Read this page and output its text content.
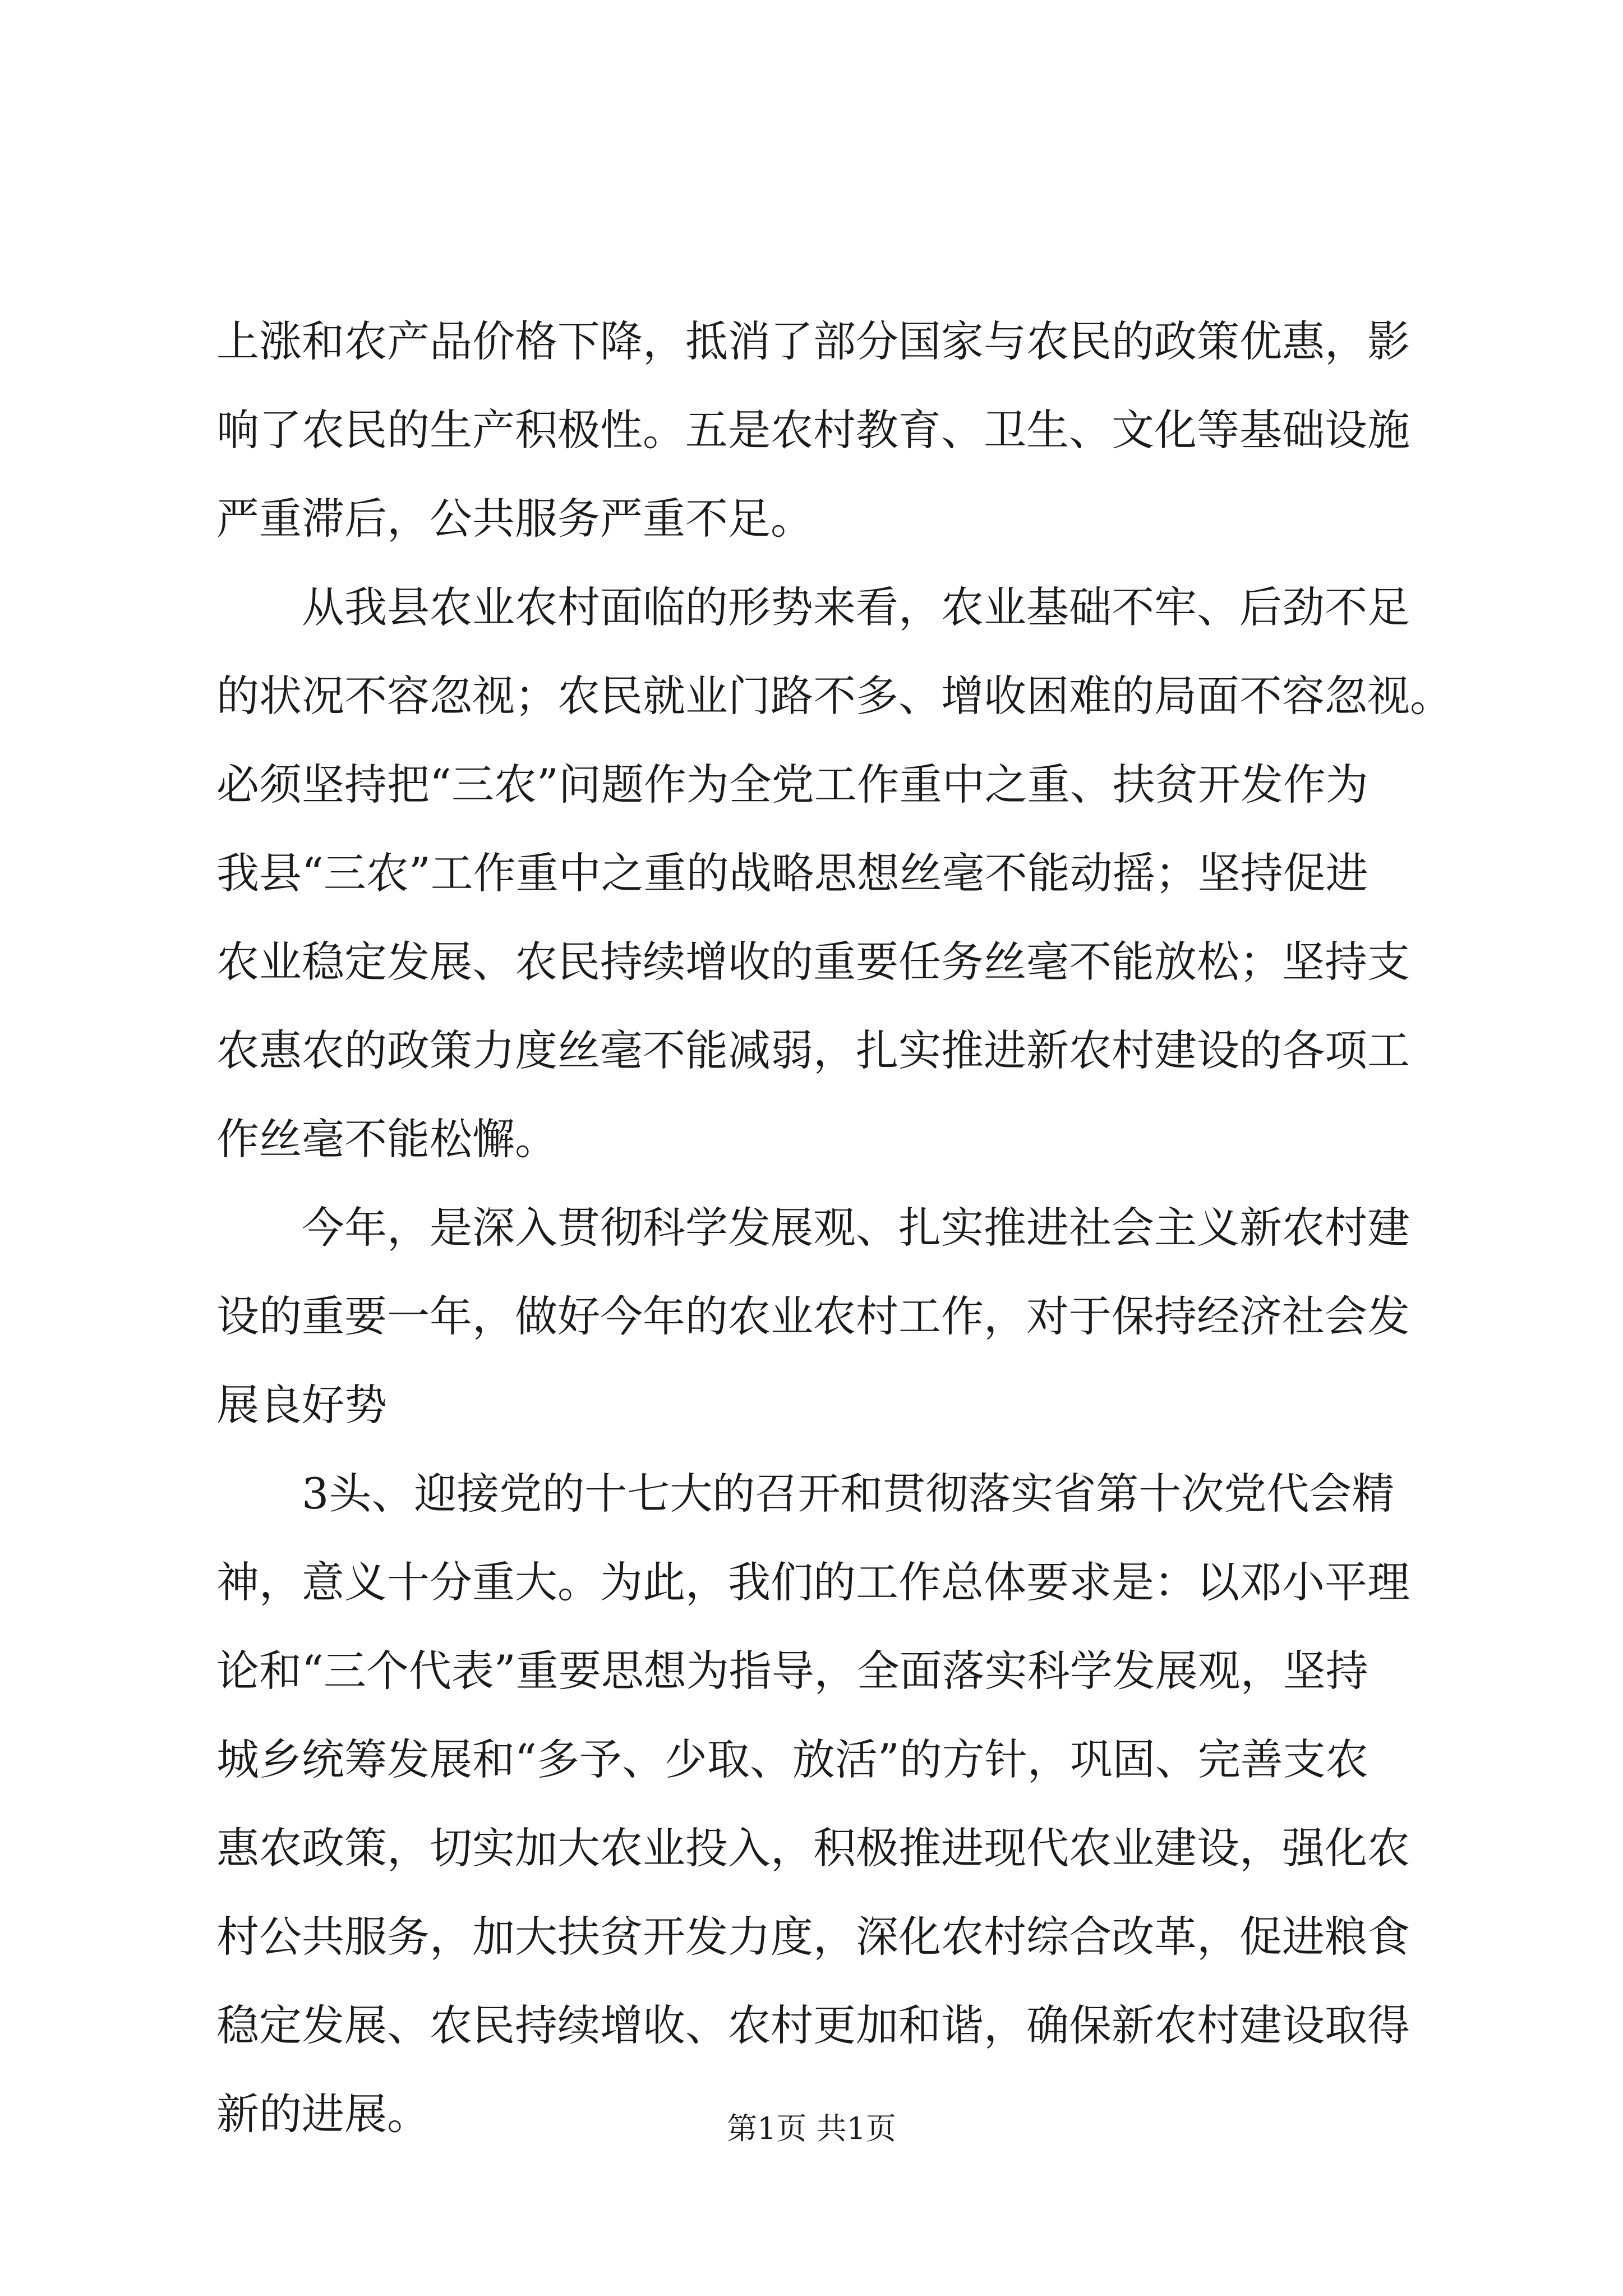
上涨和农产品价格下降，抵消了部分国家与农民的政策优惠，影
响了农民的生产积极性。五是农村教育、卫生、文化等基础设施
严重滞后，公共服务严重不足。
从我县农业农村面临的形势来看，农业基础不牢、后劲不足
的状况不容忽视；农民就业门路不多、增收困难的局面不容忽视。
必须坚持把“三农”问题作为全党工作重中之重、扶贫开发作为
我县“三农”工作重中之重的战略思想丝毫不能动摇；坚持促进
农业稳定发展、农民持续增收的重要任务丝毫不能放松；坚持支
农惠农的政策力度丝毫不能减弱，扎实推进新农村建设的各项工
作丝毫不能松懈。
今年，是深入贯彻科学发展观、扎实推进社会主义新农村建
设的重要一年，做好今年的农业农村工作，对于保持经济社会发
展良好势
3头、迎接党的十七大的召开和贯彻落实省第十次党代会精
神，意义十分重大。为此，我们的工作总体要求是：以邓小平理
论和“三个代表”重要思想为指导，全面落实科学发展观，坚持
城乡统筹发展和“多予、少取、放活”的方针，巩固、完善支农
惠农政策，切实加大农业投入，积极推进现代农业建设，强化农
村公共服务，加大扶贫开发力度，深化农村综合改革，促进粮食
稳定发展、农民持续增收、农村更加和谐，确保新农村建设取得
新的进展。	第1页 共1页
